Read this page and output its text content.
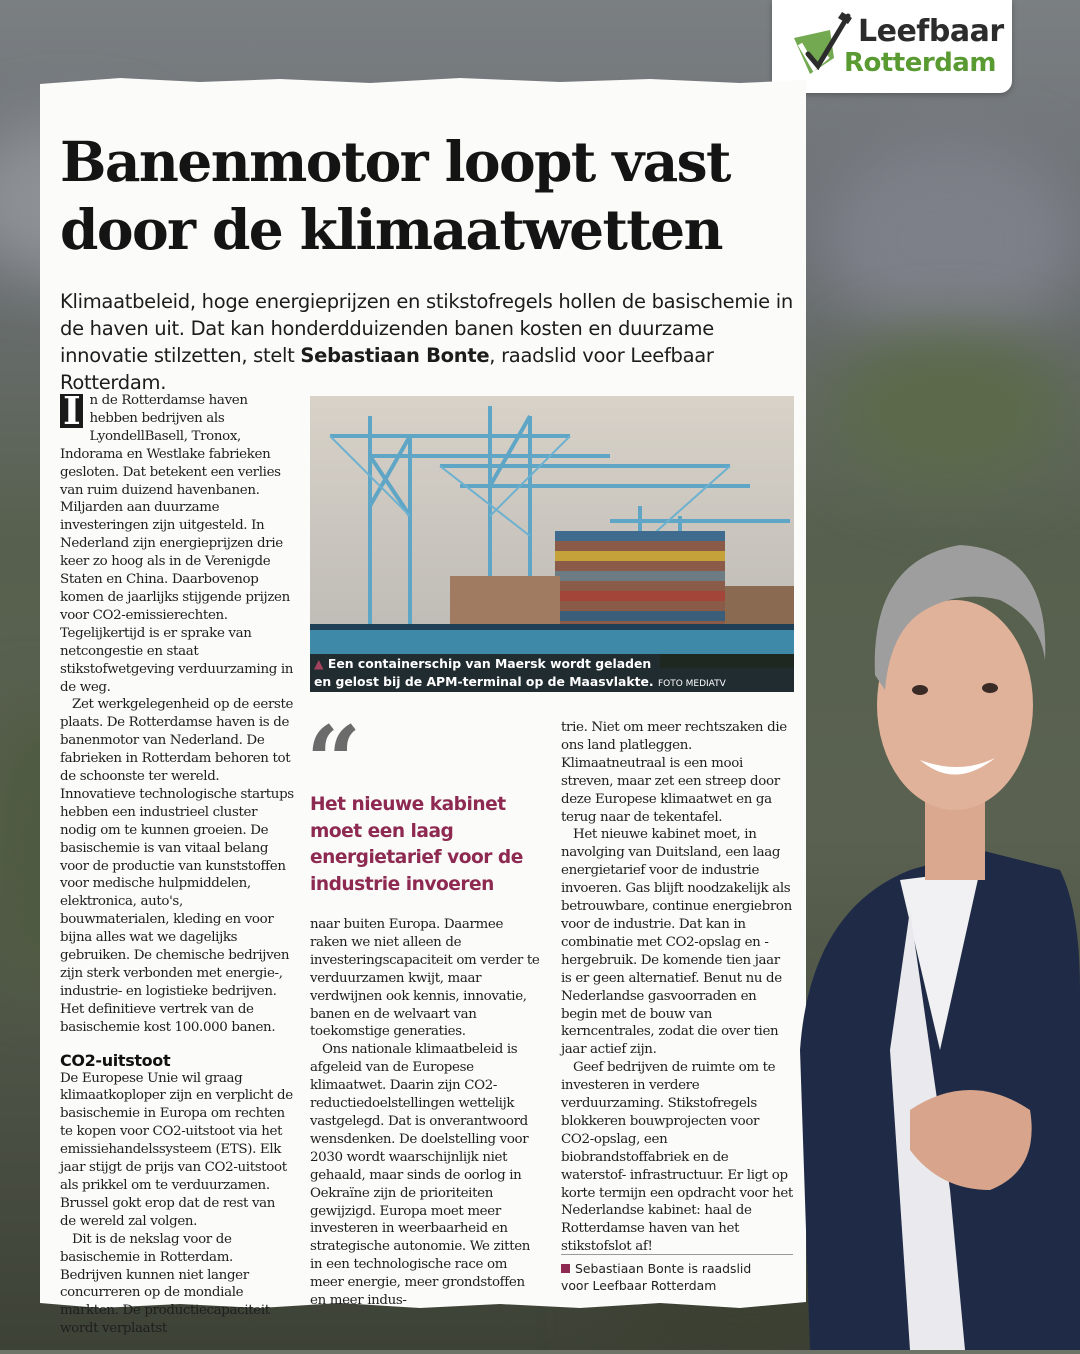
Leefbaar
Rotterdam
Banenmotor loopt vast
door de klimaatwetten

Klimaatbeleid, hoge energieprijzen en stikstofregels hollen de basischemie in de haven uit. Dat kan honderdduizenden banen kosten en duurzame innovatie stilzetten, stelt Sebastiaan Bonte, raadslid voor Leefbaar Rotterdam.

I n de Rotterdamse haven hebben bedrijven als LyondellBasell, Tronox, Indorama en Westlake fabrieken gesloten. Dat betekent een verlies van ruim duizend havenbanen. Miljarden aan duurzame investeringen zijn uitgesteld. In Nederland zijn energieprijzen drie keer zo hoog als in de Verenigde Staten en China. Daarbovenop komen de jaarlijks stijgende prijzen voor CO2-emissierechten. Tegelijkertijd is er sprake van netcongestie en staat stikstofwetgeving verduurzaming in de weg.

Zet werkgelegenheid op de eerste plaats. De Rotterdamse haven is de banenmotor van Nederland. De fabrieken in Rotterdam behoren tot de schoonste ter wereld. Innovatieve technologische startups hebben een industrieel cluster nodig om te kunnen groeien. De basischemie is van vitaal belang voor de productie van kunststoffen voor medische hulpmiddelen, elektronica, auto's, bouwmaterialen, kleding en voor bijna alles wat we dagelijks gebruiken. De chemische bedrijven zijn sterk verbonden met energie-, industrie- en logistieke bedrijven. Het definitieve vertrek van de basischemie kost 100.000 banen.

CO2-uitstoot

De Europese Unie wil graag klimaatkoploper zijn en verplicht de basischemie in Europa om rechten te kopen voor CO2-uitstoot via het emissiehandelssysteem (ETS). Elk jaar stijgt de prijs van CO2-uitstoot als prikkel om te verduurzamen. Brussel gokt erop dat de rest van de wereld zal volgen.

Dit is de nekslag voor de basischemie in Rotterdam. Bedrijven kunnen niet langer concurreren op de mondiale markten. De productiecapaciteit wordt verplaatst

▲ Een containerschip van Maersk wordt geladen
en gelost bij de APM-terminal op de Maasvlakte. FOTO MEDIATV
“

Het nieuwe kabinet moet een laag energietarief voor de industrie invoeren

naar buiten Europa. Daarmee raken we niet alleen de investeringscapaciteit om verder te verduurzamen kwijt, maar verdwijnen ook kennis, innovatie, banen en de welvaart van toekomstige generaties.

Ons nationale klimaatbeleid is afgeleid van de Europese klimaatwet. Daarin zijn CO2-reductiedoelstellingen wettelijk vastgelegd. Dat is onverantwoord wensdenken. De doelstelling voor 2030 wordt waarschijnlijk niet gehaald, maar sinds de oorlog in Oekraïne zijn de prioriteiten gewijzigd. Europa moet meer investeren in weerbaarheid en strategische autonomie. We zitten in een technologische race om meer energie, meer grondstoffen en meer indus-

trie. Niet om meer rechtszaken die ons land platleggen. Klimaatneutraal is een mooi streven, maar zet een streep door deze Europese klimaatwet en ga terug naar de tekentafel.

Het nieuwe kabinet moet, in navolging van Duitsland, een laag energietarief voor de industrie invoeren. Gas blijft noodzakelijk als betrouwbare, continue energiebron voor de industrie. Dat kan in combinatie met CO2-opslag en -hergebruik. De komende tien jaar is er geen alternatief. Benut nu de Nederlandse gasvoorraden en begin met de bouw van kerncentrales, zodat die over tien jaar actief zijn.

Geef bedrijven de ruimte om te investeren in verdere verduurzaming. Stikstofregels blokkeren bouwprojecten voor CO2-opslag, een biobrandstoffabriek en de waterstof- infrastructuur. Er ligt op korte termijn een opdracht voor het Nederlandse kabinet: haal de Rotterdamse haven van het stikstofslot af!

Sebastiaan Bonte is raadslid
voor Leefbaar Rotterdam
